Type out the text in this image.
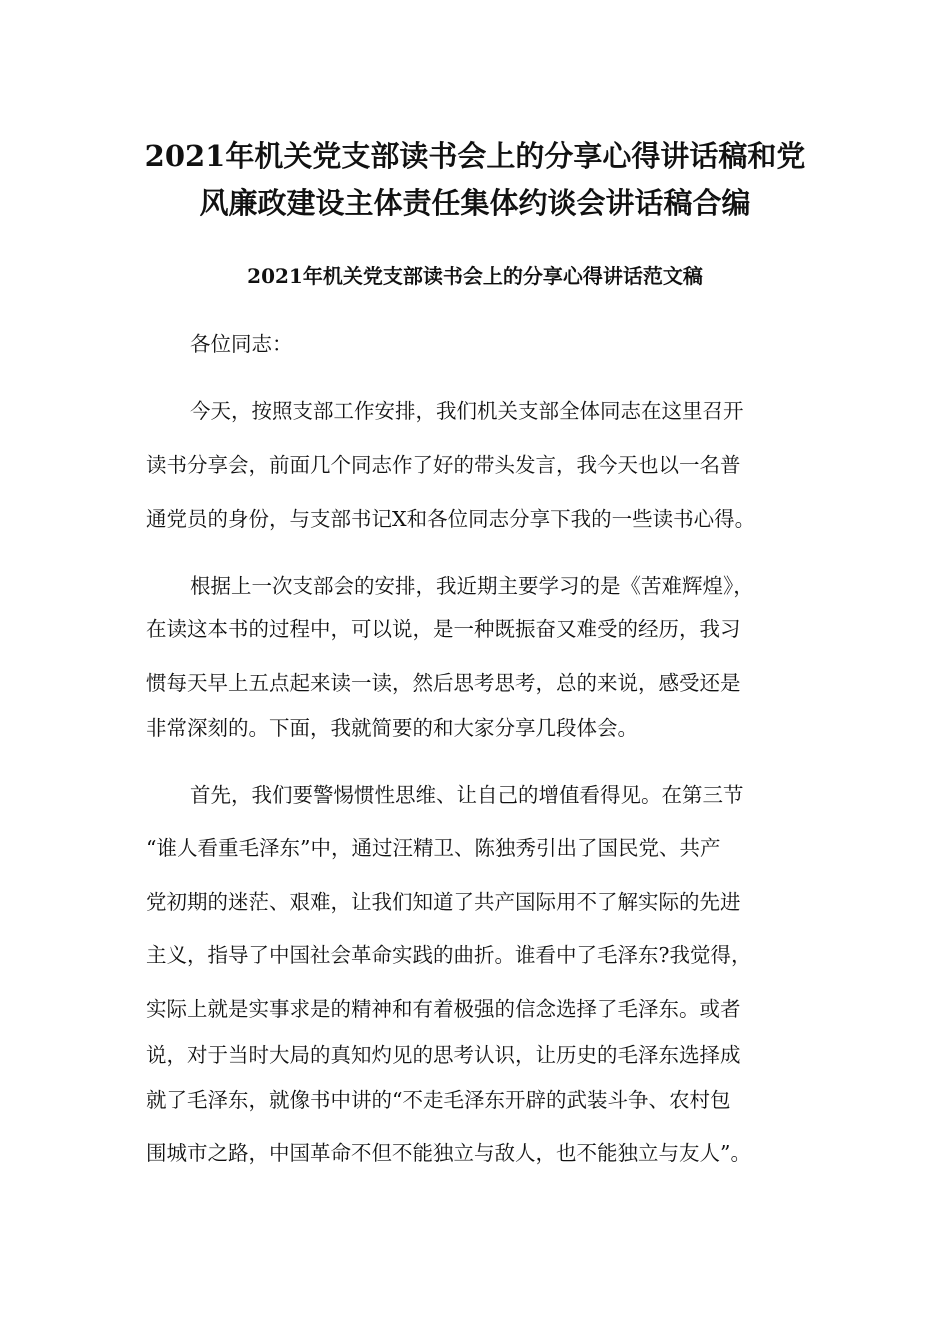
2021年机关党支部读书会上的分享心得讲话稿和党
风廉政建设主体责任集体约谈会讲话稿合编
2021年机关党支部读书会上的分享心得讲话范文稿

各位同志：

今天，按照支部工作安排，我们机关支部全体同志在这里召开

读书分享会，前面几个同志作了好的带头发言，我今天也以一名普

通党员的身份，与支部书记X和各位同志分享下我的一些读书心得。

根据上一次支部会的安排，我近期主要学习的是《苦难辉煌》，

在读这本书的过程中，可以说，是一种既振奋又难受的经历，我习

惯每天早上五点起来读一读，然后思考思考，总的来说，感受还是

非常深刻的。下面，我就简要的和大家分享几段体会。

首先，我们要警惕惯性思维、让自己的增值看得见。在第三节

“谁人看重毛泽东”中，通过汪精卫、陈独秀引出了国民党、共产

党初期的迷茫、艰难，让我们知道了共产国际用不了解实际的先进

主义，指导了中国社会革命实践的曲折。谁看中了毛泽东?我觉得，

实际上就是实事求是的精神和有着极强的信念选择了毛泽东。或者

说，对于当时大局的真知灼见的思考认识，让历史的毛泽东选择成

就了毛泽东，就像书中讲的“不走毛泽东开辟的武装斗争、农村包

围城市之路，中国革命不但不能独立与敌人，也不能独立与友人”。
